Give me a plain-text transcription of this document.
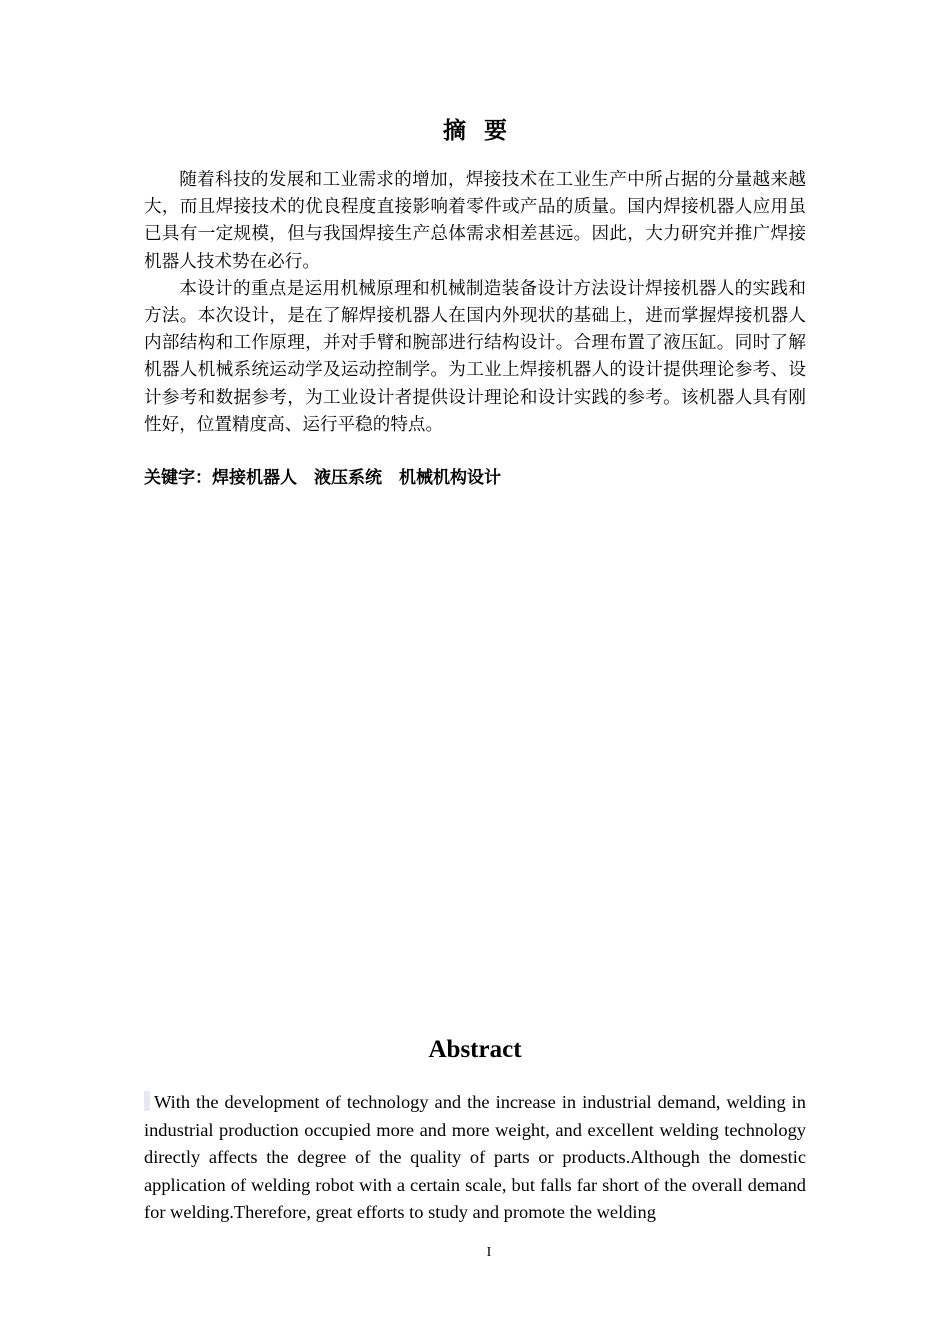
摘要

随着科技的发展和工业需求的增加，焊接技术在工业生产中所占据的分量越来越大，而且焊接技术的优良程度直接影响着零件或产品的质量。国内焊接机器人应用虽已具有一定规模，但与我国焊接生产总体需求相差甚远。因此，大力研究并推广焊接机器人技术势在必行。

本设计的重点是运用机械原理和机械制造装备设计方法设计焊接机器人的实践和方法。本次设计，是在了解焊接机器人在国内外现状的基础上，进而掌握焊接机器人内部结构和工作原理，并对手臂和腕部进行结构设计。合理布置了液压缸。同时了解机器人机械系统运动学及运动控制学。为工业上焊接机器人的设计提供理论参考、设计参考和数据参考，为工业设计者提供设计理论和设计实践的参考。该机器人具有刚性好，位置精度高、运行平稳的特点。

关键字：焊接机器人　液压系统　机械机构设计
Abstract
With the development of technology and the increase in industrial demand, welding in industrial production occupied more and more weight, and excellent welding technology directly affects the degree of the quality of parts or products.Although the domestic application of welding robot with a certain scale, but falls far short of the overall demand for welding.Therefore, great efforts to study and promote the welding
I
